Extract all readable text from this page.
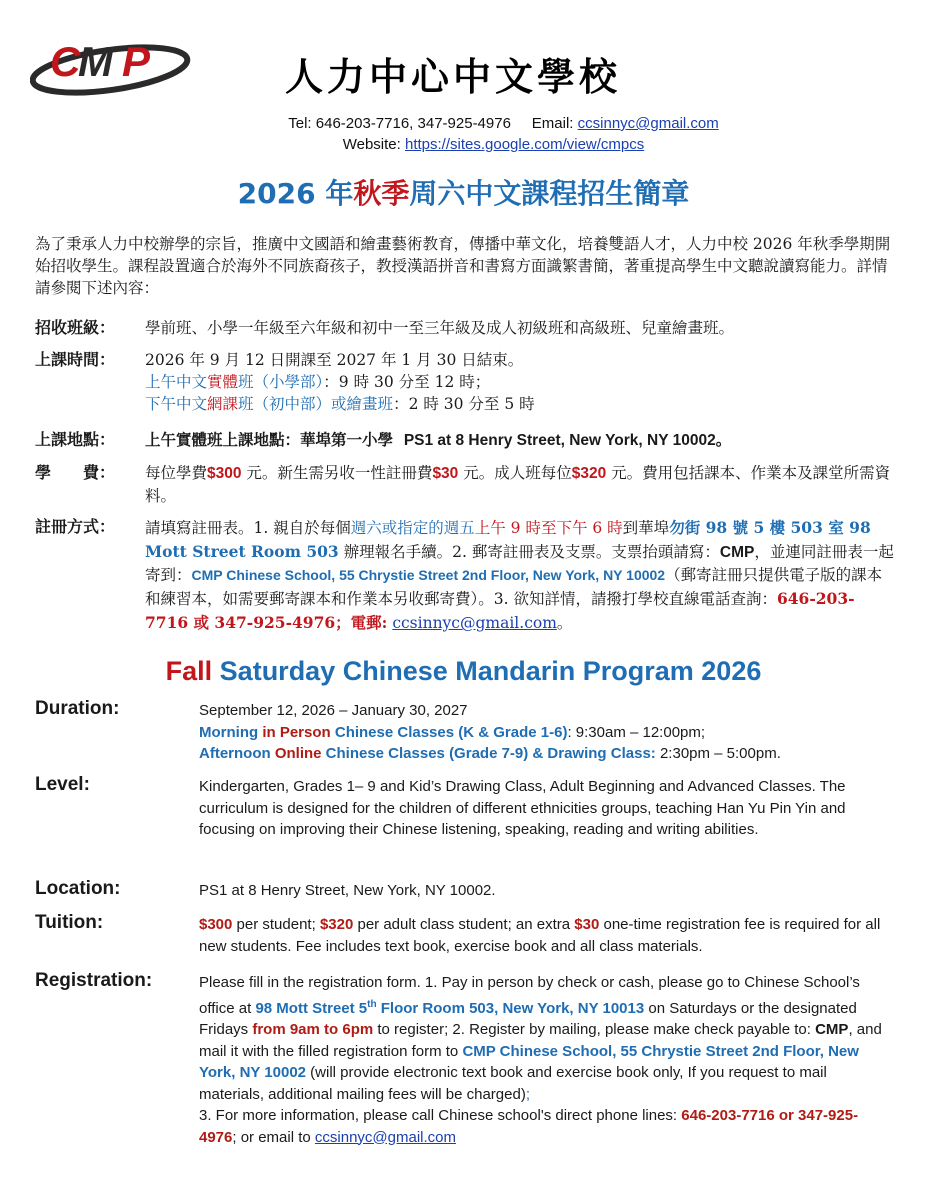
C
M P	人力中心中文學校
Tel: 646-203-7716, 347-925-4976 Email: ccsinnyc@gmail.com
Website: https://sites.google.com/view/cmpcs
2026 年秋季周六中文課程招生簡章
為了秉承人力中校辦學的宗旨，推廣中文國語和繪畫藝術教育，傳播中華文化，培養雙語人才，人力中校 2026 年秋季學期開始招收學生。課程設置適合於海外不同族裔孩子，教授漢語拼音和書寫方面識繁書簡，著重提高學生中文聽說讀寫能力。詳情請參閱下述內容：
招收班級：	學前班、小學一年級至六年級和初中一至三年級及成人初級班和高級班、兒童繪畫班。
上課時間：	2026 年 9 月 12 日開課至 2027 年 1 月 30 日結束。
上午中文實體班（小學部）：9 時 30 分至 12 時；
下午中文網課班（初中部）或繪畫班：2 時 30 分至 5 時
上課地點：	上午實體班上課地點：華埠第一小學 PS1 at 8 Henry Street, New York, NY 10002。
學　　費：	每位學費$300 元。新生需另收一性註冊費$30 元。成人班每位$320 元。費用包括課本、作業本及課堂所需資料。
註冊方式：	請填寫註冊表。1. 親自於每個週六或指定的週五上午 9 時至下午 6 時到華埠勿街 98 號 5 樓 503 室 98 Mott Street Room 503 辦理報名手續。2. 郵寄註冊表及支票。支票抬頭請寫：CMP，並連同註冊表一起寄到：CMP Chinese School, 55 Chrystie Street 2nd Floor, New York, NY 10002（郵寄註冊只提供電子版的課本和練習本，如需要郵寄課本和作業本另收郵寄費）。3. 欲知詳情，請撥打學校直線電話查詢：646-203-7716 或 347-925-4976；電郵: ccsinnyc@gmail.com。
Fall Saturday Chinese Mandarin Program 2026
Duration:	September 12, 2026 – January 30, 2027
Morning in Person Chinese Classes (K & Grade 1-6): 9:30am – 12:00pm;
Afternoon Online Chinese Classes (Grade 7-9) & Drawing Class: 2:30pm – 5:00pm.
Level:	Kindergarten, Grades 1– 9 and Kid’s Drawing Class, Adult Beginning and Advanced Classes. The curriculum is designed for the children of different ethnicities groups, teaching Han Yu Pin Yin and focusing on improving their Chinese listening, speaking, reading and writing abilities.
Location:	PS1 at 8 Henry Street, New York, NY 10002.
Tuition:	$300 per student; $320 per adult class student; an extra $30 one-time registration fee is required for all new students. Fee includes text book, exercise book and all class materials.
Registration:	Please fill in the registration form. 1. Pay in person by check or cash, please go to Chinese School’s office at 98 Mott Street 5th Floor Room 503, New York, NY 10013 on Saturdays or the designated Fridays from 9am to 6pm to register; 2. Register by mailing, please make check payable to: CMP, and mail it with the filled registration form to CMP Chinese School, 55 Chrystie Street 2nd Floor, New York, NY 10002 (will provide electronic text book and exercise book only, If you request to mail materials, additional mailing fees will be charged);
3. For more information, please call Chinese school's direct phone lines: 646-203-7716 or 347-925-4976; or email to ccsinnyc@gmail.com
